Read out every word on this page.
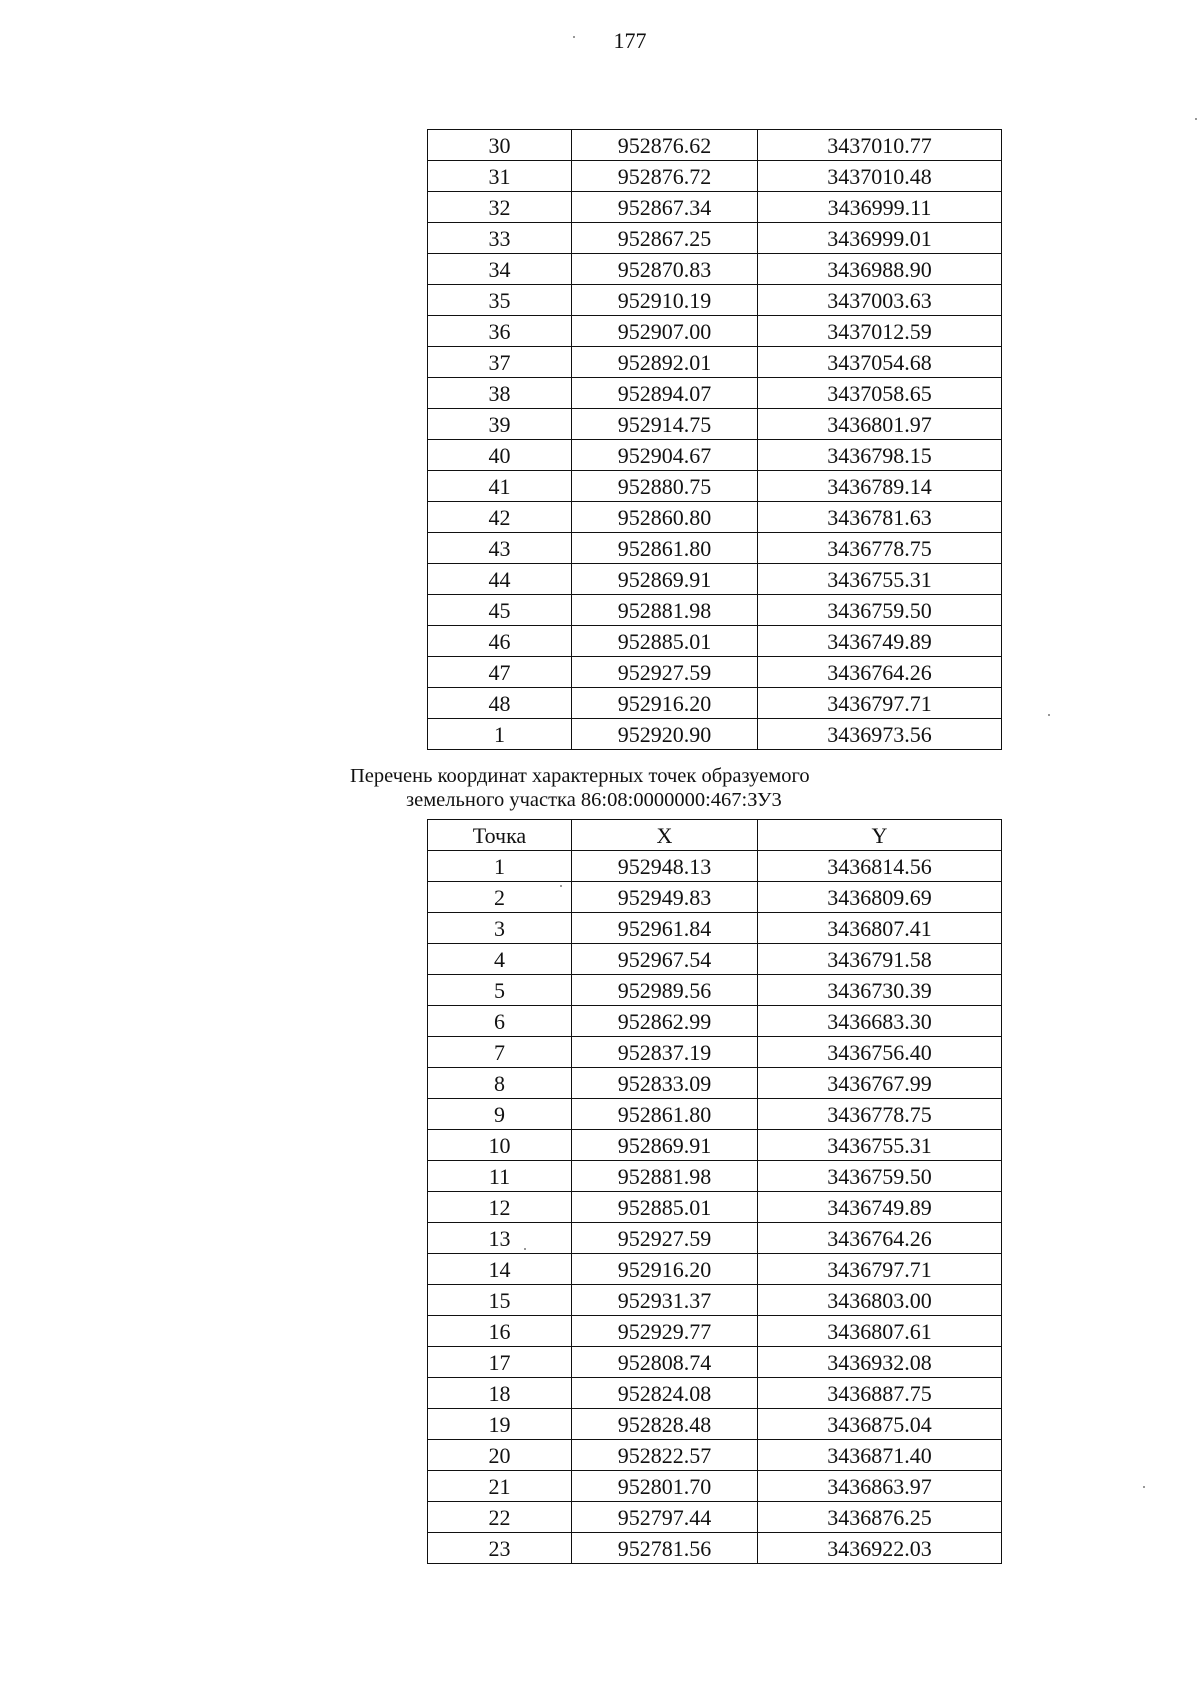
177
30	952876.62	3437010.77
31	952876.72	3437010.48
32	952867.34	3436999.11
33	952867.25	3436999.01
34	952870.83	3436988.90
35	952910.19	3437003.63
36	952907.00	3437012.59
37	952892.01	3437054.68
38	952894.07	3437058.65
39	952914.75	3436801.97
40	952904.67	3436798.15
41	952880.75	3436789.14
42	952860.80	3436781.63
43	952861.80	3436778.75
44	952869.91	3436755.31
45	952881.98	3436759.50
46	952885.01	3436749.89
47	952927.59	3436764.26
48	952916.20	3436797.71
1	952920.90	3436973.56
Перечень координат характерных точек образуемого

земельного участка 86:08:0000000:467:ЗУ3
Точка	X	Y
1	952948.13	3436814.56
2	952949.83	3436809.69
3	952961.84	3436807.41
4	952967.54	3436791.58
5	952989.56	3436730.39
6	952862.99	3436683.30
7	952837.19	3436756.40
8	952833.09	3436767.99
9	952861.80	3436778.75
10	952869.91	3436755.31
11	952881.98	3436759.50
12	952885.01	3436749.89
13	952927.59	3436764.26
14	952916.20	3436797.71
15	952931.37	3436803.00
16	952929.77	3436807.61
17	952808.74	3436932.08
18	952824.08	3436887.75
19	952828.48	3436875.04
20	952822.57	3436871.40
21	952801.70	3436863.97
22	952797.44	3436876.25
23	952781.56	3436922.03
